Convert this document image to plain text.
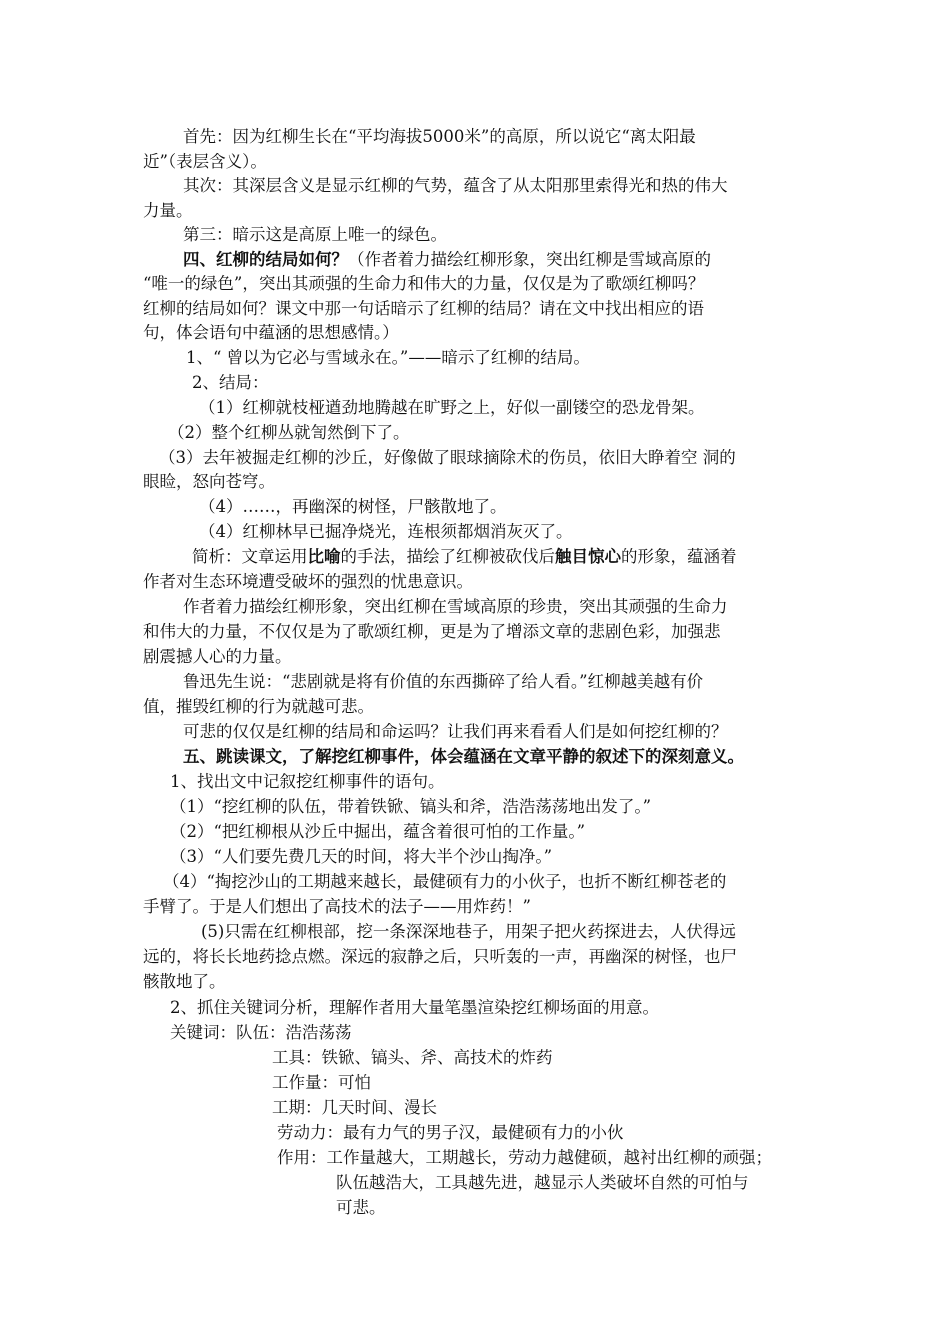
首先：因为红柳生长在“平均海拔5000米”的高原，所以说它“离太阳最
近”（表层含义）。
其次：其深层含义是显示红柳的气势，蕴含了从太阳那里索得光和热的伟大
力量。
第三：暗示这是高原上唯一的绿色。
四、红柳的结局如何？（作者着力描绘红柳形象，突出红柳是雪域高原的
“唯一的绿色”，突出其顽强的生命力和伟大的力量，仅仅是为了歌颂红柳吗？
红柳的结局如何？课文中那一句话暗示了红柳的结局？请在文中找出相应的语
句，体会语句中蕴涵的思想感情。）
1、“ 曾以为它必与雪域永在。”——暗示了红柳的结局。
2、结局：
（1）红柳就枝桠遒劲地腾越在旷野之上，好似一副镂空的恐龙骨架。
（2）整个红柳丛就訇然倒下了。
（3）去年被掘走红柳的沙丘，好像做了眼球摘除术的伤员，依旧大睁着空 洞的
眼睑，怒向苍穹。
（4）……，再幽深的树怪，尸骸散地了。
（4）红柳林早已掘净烧光，连根须都烟消灰灭了。
简析：文章运用比喻的手法，描绘了红柳被砍伐后触目惊心的形象，蕴涵着
作者对生态环境遭受破坏的强烈的忧患意识。
作者着力描绘红柳形象，突出红柳在雪域高原的珍贵，突出其顽强的生命力
和伟大的力量，不仅仅是为了歌颂红柳，更是为了增添文章的悲剧色彩，加强悲
剧震撼人心的力量。
鲁迅先生说：“悲剧就是将有价值的东西撕碎了给人看。”红柳越美越有价
值，摧毁红柳的行为就越可悲。
可悲的仅仅是红柳的结局和命运吗？让我们再来看看人们是如何挖红柳的？
五、跳读课文，了解挖红柳事件，体会蕴涵在文章平静的叙述下的深刻意义。
1、找出文中记叙挖红柳事件的语句。
（1）“挖红柳的队伍，带着铁锨、镐头和斧，浩浩荡荡地出发了。”
（2）“把红柳根从沙丘中掘出，蕴含着很可怕的工作量。”
（3）“人们要先费几天的时间，将大半个沙山掏净。”
（4）“掏挖沙山的工期越来越长，最健硕有力的小伙子，也折不断红柳苍老的
手臂了。于是人们想出了高技术的法子——用炸药！”
(5)只需在红柳根部，挖一条深深地巷子，用架子把火药探进去，人伏得远
远的，将长长地药捻点燃。深远的寂静之后，只听轰的一声，再幽深的树怪，也尸
骸散地了。
2、抓住关键词分析，理解作者用大量笔墨渲染挖红柳场面的用意。
关键词：队伍：浩浩荡荡
工具：铁锨、镐头、斧、高技术的炸药
工作量：可怕
工期：几天时间、漫长
劳动力：最有力气的男子汉，最健硕有力的小伙
作用：工作量越大，工期越长，劳动力越健硕，越衬出红柳的顽强；
队伍越浩大，工具越先进，越显示人类破坏自然的可怕与
可悲。
